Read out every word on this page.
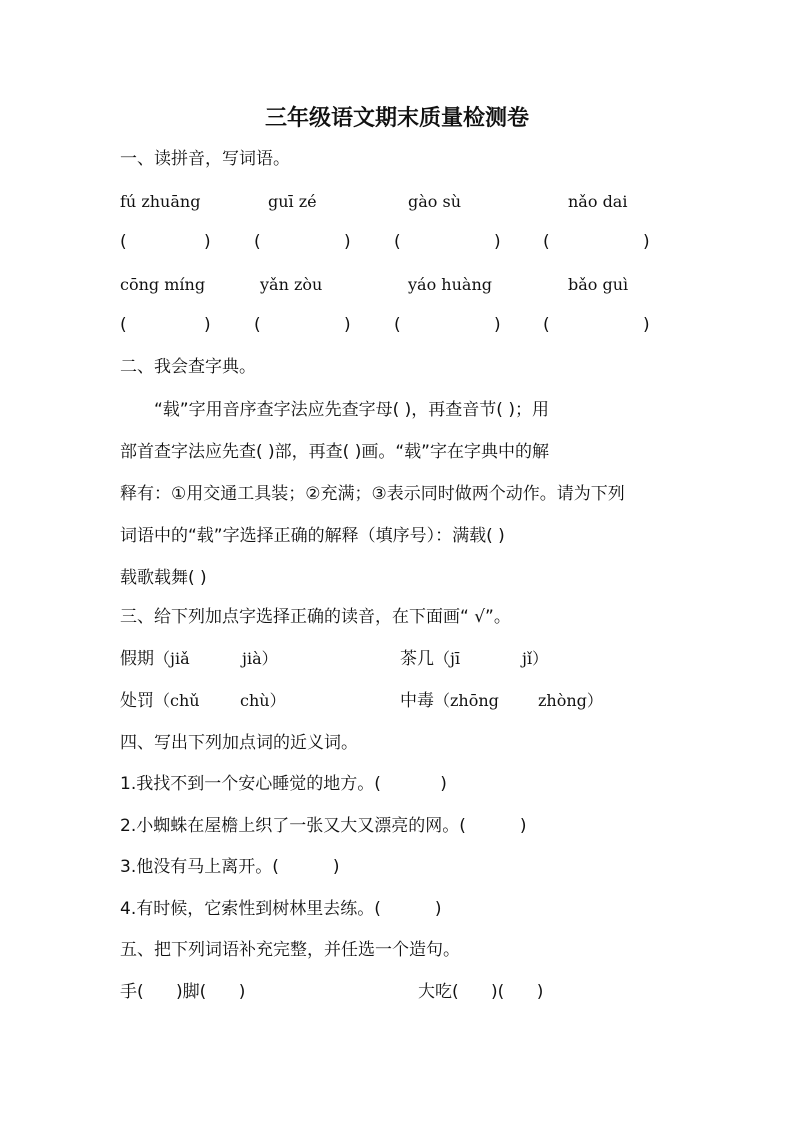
三年级语文期末质量检测卷
一、读拼音，写词语。
fú zhuāng	guī zé	gào sù	nǎo dai
(	)	(	)	(	) (	)
cōng míng	yǎn zòu	yáo huàng	bǎo guì
(	)	(	)	(	) (	)
二、我会查字典。

“载”字用音序查字法应先查字母( )，再查音节( )；用

部首查字法应先查( )部，再查( )画。“载”字在字典中的解

释有：①用交通工具装；②充满；③表示同时做两个动作。请为下列

词语中的“载”字选择正确的解释（填序号）：满载( )

载歌载舞( )

三、给下列加点字选择正确的读音，在下面画“ √”。
假期 （jiǎ	jià）	茶几 （jī	jǐ）
处罚 （chǔ	chù）	中毒 （zhōng zhòng）
四、写出下列加点词的近义词。
1.我找不到一个安心睡觉的地方。(           )
2.小蜘蛛在屋檐上织了一张又大又漂亮的网。(          )
3.他没有马上离开。(          )
4.有时候，它索性到树林里去练。(          )
五、把下列词语补充完整，并任选一个造句。
手(      )脚(      )	大吃(      )(      )
